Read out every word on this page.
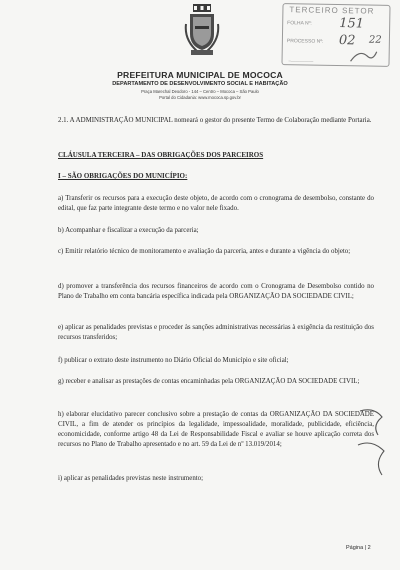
PREFEITURA MUNICIPAL DE MOCOCA
DEPARTAMENTO DE DESENVOLVIMENTO SOCIAL E HABITAÇÃO
Praça Marechal Deodoro - 144 – Centro – Mococa – São Paulo
Portal do Cidadania: www.mococa.sp.gov.br
TERCEIRO SETOR
FOLHA Nº: 151
PROCESSO Nº: 02 22
⎯⎯⎯⎯⎯⎯⎯⎯⎯⎯⎯
2.1. A ADMINISTRAÇÃO MUNICIPAL nomeará o gestor do presente Termo de Colaboração mediante Portaria.
CLÁUSULA TERCEIRA – DAS OBRIGAÇÕES DOS PARCEIROS
I – SÃO OBRIGAÇÕES DO MUNICÍPIO:
a) Transferir os recursos para a execução deste objeto, de acordo com o cronograma de desembolso, constante do edital, que faz parte integrante deste termo e no valor nele fixado.
b) Acompanhar e fiscalizar a execução da parceria;
c) Emitir relatório técnico de monitoramento e avaliação da parceria, antes e durante a vigência do objeto;
d) promover a transferência dos recursos financeiros de acordo com o Cronograma de Desembolso contido no Plano de Trabalho em conta bancária específica indicada pela ORGANIZAÇÃO DA SOCIEDADE CIVIL;
e) aplicar as penalidades previstas e proceder às sanções administrativas necessárias à exigência da restituição dos recursos transferidos;
f) publicar o extrato deste instrumento no Diário Oficial do Município e site oficial;
g) receber e analisar as prestações de contas encaminhadas pela ORGANIZAÇÃO DA SOCIEDADE CIVIL;
h) elaborar elucidativo parecer conclusivo sobre a prestação de contas da ORGANIZAÇÃO DA SOCIEDADE CIVIL, a fim de atender os princípios da legalidade, impessoalidade, moralidade, publicidade, eficiência, economicidade, conforme artigo 48 da Lei de Responsabilidade Fiscal e avaliar se houve aplicação correta dos recursos no Plano de Trabalho apresentado e no art. 59 da Lei de nº 13.019/2014;
i) aplicar as penalidades previstas neste instrumento;
Página | 2
